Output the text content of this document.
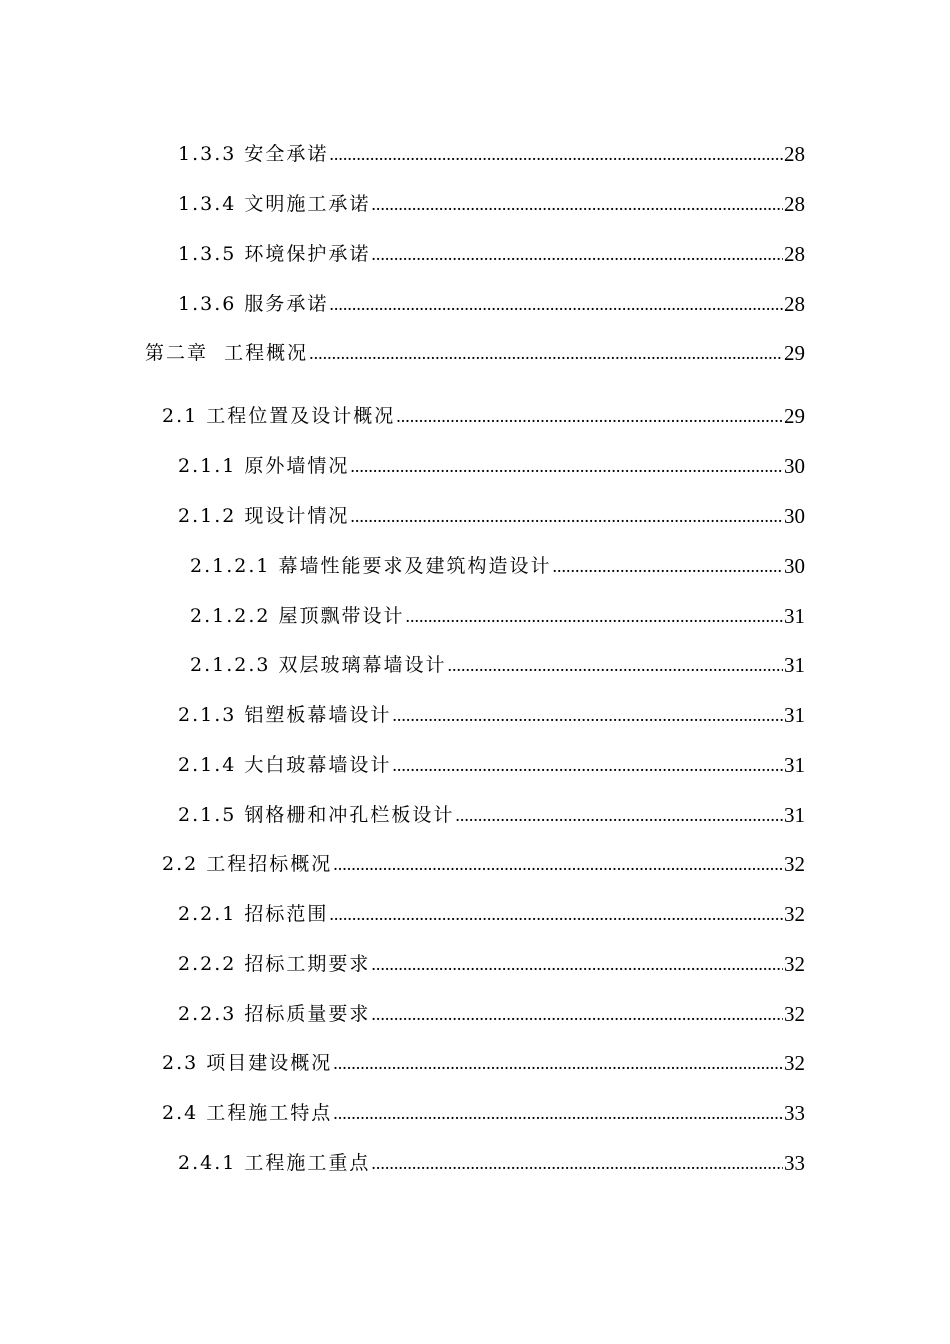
1.3.3 安全承诺 .....	28
1.3.4 文明施工承诺 .....	28
1.3.5 环境保护承诺 .....	28
1.3.6 服务承诺 .....	28
第二章  工程概况 .....	29
2.1 工程位置及设计概况 .....	29
2.1.1 原外墙情况 .....	30
2.1.2 现设计情况 .....	30
2.1.2.1 幕墙性能要求及建筑构造设计 .....	30
2.1.2.2 屋顶飘带设计 .....	31
2.1.2.3 双层玻璃幕墙设计 .....	31
2.1.3 铝塑板幕墙设计 .....	31
2.1.4 大白玻幕墙设计 .....	31
2.1.5 钢格栅和冲孔栏板设计 .....	31
2.2 工程招标概况 .....	32
2.2.1 招标范围 .....	32
2.2.2 招标工期要求 .....	32
2.2.3 招标质量要求 .....	32
2.3 项目建设概况 .....	32
2.4 工程施工特点 .....	33
2.4.1 工程施工重点 .....	33
